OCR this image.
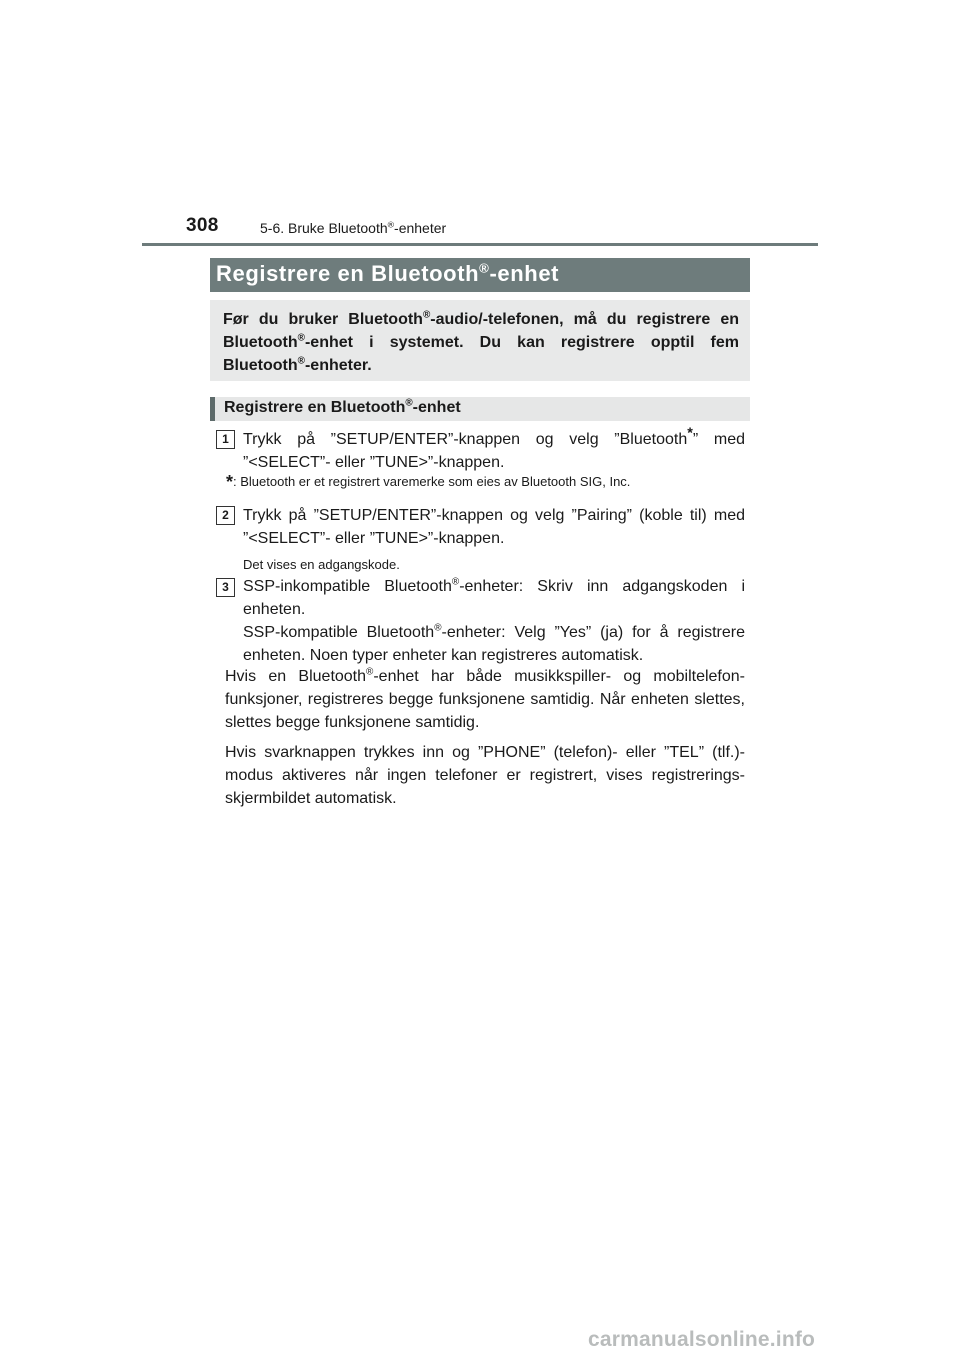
308	5-6. Bruke Bluetooth®-enheter
Registrere en Bluetooth®-enhet
Før du bruker Bluetooth®-audio/-telefonen, må du registrere en Bluetooth®-enhet i systemet. Du kan registrere opptil fem Bluetooth®-enheter.
Registrere en Bluetooth®-enhet
1 Trykk på ”SETUP/ENTER”-knappen og velg ”Bluetooth*” med ”<SELECT”- eller ”TUNE>”-knappen.
*: Bluetooth er et registrert varemerke som eies av Bluetooth SIG, Inc.
2 Trykk på ”SETUP/ENTER”-knappen og velg ”Pairing” (koble til) med ”<SELECT”- eller ”TUNE>”-knappen.
Det vises en adgangskode.
3 SSP-inkompatible Bluetooth®-enheter: Skriv inn adgangskoden i enheten.
SSP-kompatible Bluetooth®-enheter: Velg ”Yes” (ja) for å registrere enheten. Noen typer enheter kan registreres automatisk.
Hvis en Bluetooth®-enhet har både musikkspiller- og mobiltelefon-funksjoner, registreres begge funksjonene samtidig. Når enheten slettes, slettes begge funksjonene samtidig.
Hvis svarknappen trykkes inn og ”PHONE” (telefon)- eller ”TEL” (tlf.)-modus aktiveres når ingen telefoner er registrert, vises registrerings-skjermbildet automatisk.
carmanualsonline.info
